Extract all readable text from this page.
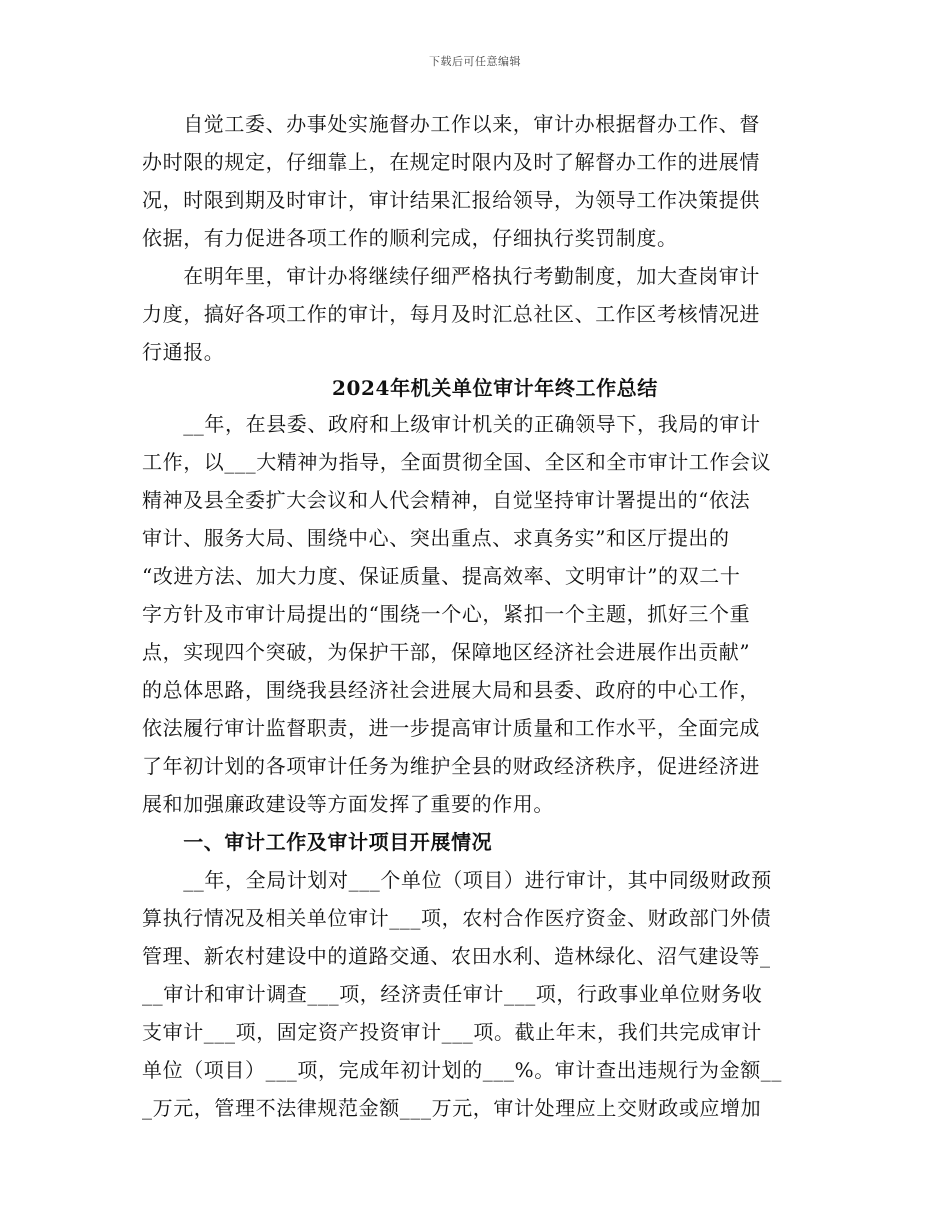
下载后可任意编辑
　　自觉工委、办事处实施督办工作以来，审计办根据督办工作、督
办时限的规定，仔细靠上，在规定时限内及时了解督办工作的进展情
况，时限到期及时审计，审计结果汇报给领导，为领导工作决策提供
依据，有力促进各项工作的顺利完成，仔细执行奖罚制度。
　　在明年里，审计办将继续仔细严格执行考勤制度，加大查岗审计
力度，搞好各项工作的审计，每月及时汇总社区、工作区考核情况进
行通报。
2024年机关单位审计年终工作总结
　　__年，在县委、政府和上级审计机关的正确领导下，我局的审计
工作，以___大精神为指导，全面贯彻全国、全区和全市审计工作会议
精神及县全委扩大会议和人代会精神，自觉坚持审计署提出的“依法
审计、服务大局、围绕中心、突出重点、求真务实”和区厅提出的
“改进方法、加大力度、保证质量、提高效率、文明审计”的双二十
字方针及市审计局提出的“围绕一个心，紧扣一个主题，抓好三个重
点，实现四个突破，为保护干部，保障地区经济社会进展作出贡献”
的总体思路，围绕我县经济社会进展大局和县委、政府的中心工作，
依法履行审计监督职责，进一步提高审计质量和工作水平，全面完成
了年初计划的各项审计任务为维护全县的财政经济秩序，促进经济进
展和加强廉政建设等方面发挥了重要的作用。
　　一、审计工作及审计项目开展情况
　　__年，全局计划对___个单位（项目）进行审计，其中同级财政预
算执行情况及相关单位审计___项，农村合作医疗资金、财政部门外债
管理、新农村建设中的道路交通、农田水利、造林绿化、沼气建设等_
__审计和审计调查___项，经济责任审计___项，行政事业单位财务收
支审计___项，固定资产投资审计___项。截止年末，我们共完成审计
单位（项目）___项，完成年初计划的___%。审计查出违规行为金额__
_万元，管理不法律规范金额___万元，审计处理应上交财政或应增加
